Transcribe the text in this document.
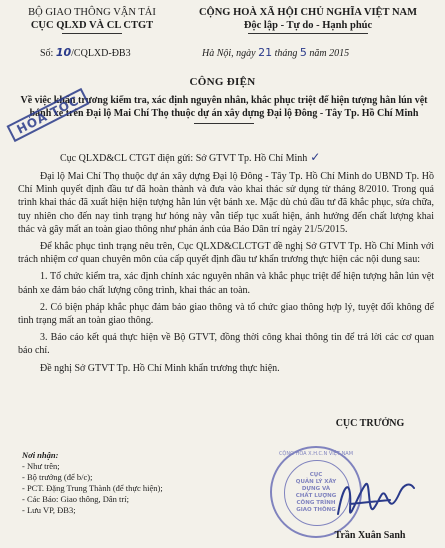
BỘ GIAO THÔNG VẬN TẢI
CỤC QLXD VÀ CL CTGT
CỘNG HOÀ XÃ HỘI CHỦ NGHĨA VIỆT NAM
Độc lập - Tự do - Hạnh phúc
Số: 10/CQLXD-ĐB3	Hà Nội, ngày 21 tháng 5 năm 2015
CÔNG ĐIỆN
Về việc khẩn trương kiểm tra, xác định nguyên nhân, khắc phục triệt để hiện tượng hằn lún vệt bánh xe trên Đại lộ Mai Chí Thọ thuộc dự án xây dựng Đại lộ Đông - Tây Tp. Hồ Chí Minh
HỎA TỐC
Cục QLXD&CL CTGT điện gửi: Sở GTVT Tp. Hồ Chí Minh ✓

Đại lộ Mai Chí Thọ thuộc dự án xây dựng Đại lộ Đông - Tây Tp. Hồ Chí Minh do UBND Tp. Hồ Chí Minh quyết định đầu tư đã hoàn thành và đưa vào khai thác sử dụng từ tháng 8/2010. Trong quá trình khai thác đã xuất hiện hiện tượng hằn lún vệt bánh xe. Mặc dù chủ đầu tư đã khắc phục, sửa chữa, tuy nhiên cho đến nay tình trạng hư hỏng này vẫn tiếp tục xuất hiện, ảnh hưởng đến chất lượng khai thác và gây mất an toàn giao thông như phản ánh của Báo Dân trí ngày 21/5/2015.

Để khắc phục tình trạng nêu trên, Cục QLXD&CLCTGT đề nghị Sở GTVT Tp. Hồ Chí Minh với trách nhiệm cơ quan chuyên môn của cấp quyết định đầu tư khẩn trương thực hiện các nội dung sau:

1. Tổ chức kiểm tra, xác định chính xác nguyên nhân và khắc phục triệt để hiện tượng hằn lún vệt bánh xe đảm bảo chất lượng công trình, khai thác an toàn.

2. Có biện pháp khắc phục đảm bảo giao thông và tổ chức giao thông hợp lý, tuyệt đối không để tình trạng mất an toàn giao thông.

3. Báo cáo kết quả thực hiện về Bộ GTVT, đồng thời công khai thông tin để trả lời các cơ quan báo chí.

Đề nghị Sở GTVT Tp. Hồ Chí Minh khẩn trương thực hiện.

Nơi nhận:
- Như trên;
- Bộ trưởng (để b/c);
- PCT. Đặng Trung Thành (để thực hiện);
- Các Báo: Giao thông, Dân trí;
- Lưu VP, ĐB3;
CỘNG HÒA X.H.C.N VIỆT NAM
CỤC
QUẢN LÝ XÂY DỰNG VÀ
CHẤT LƯỢNG CÔNG TRÌNH
GIAO THÔNG
CỤC TRƯỞNG
Trần Xuân Sanh
